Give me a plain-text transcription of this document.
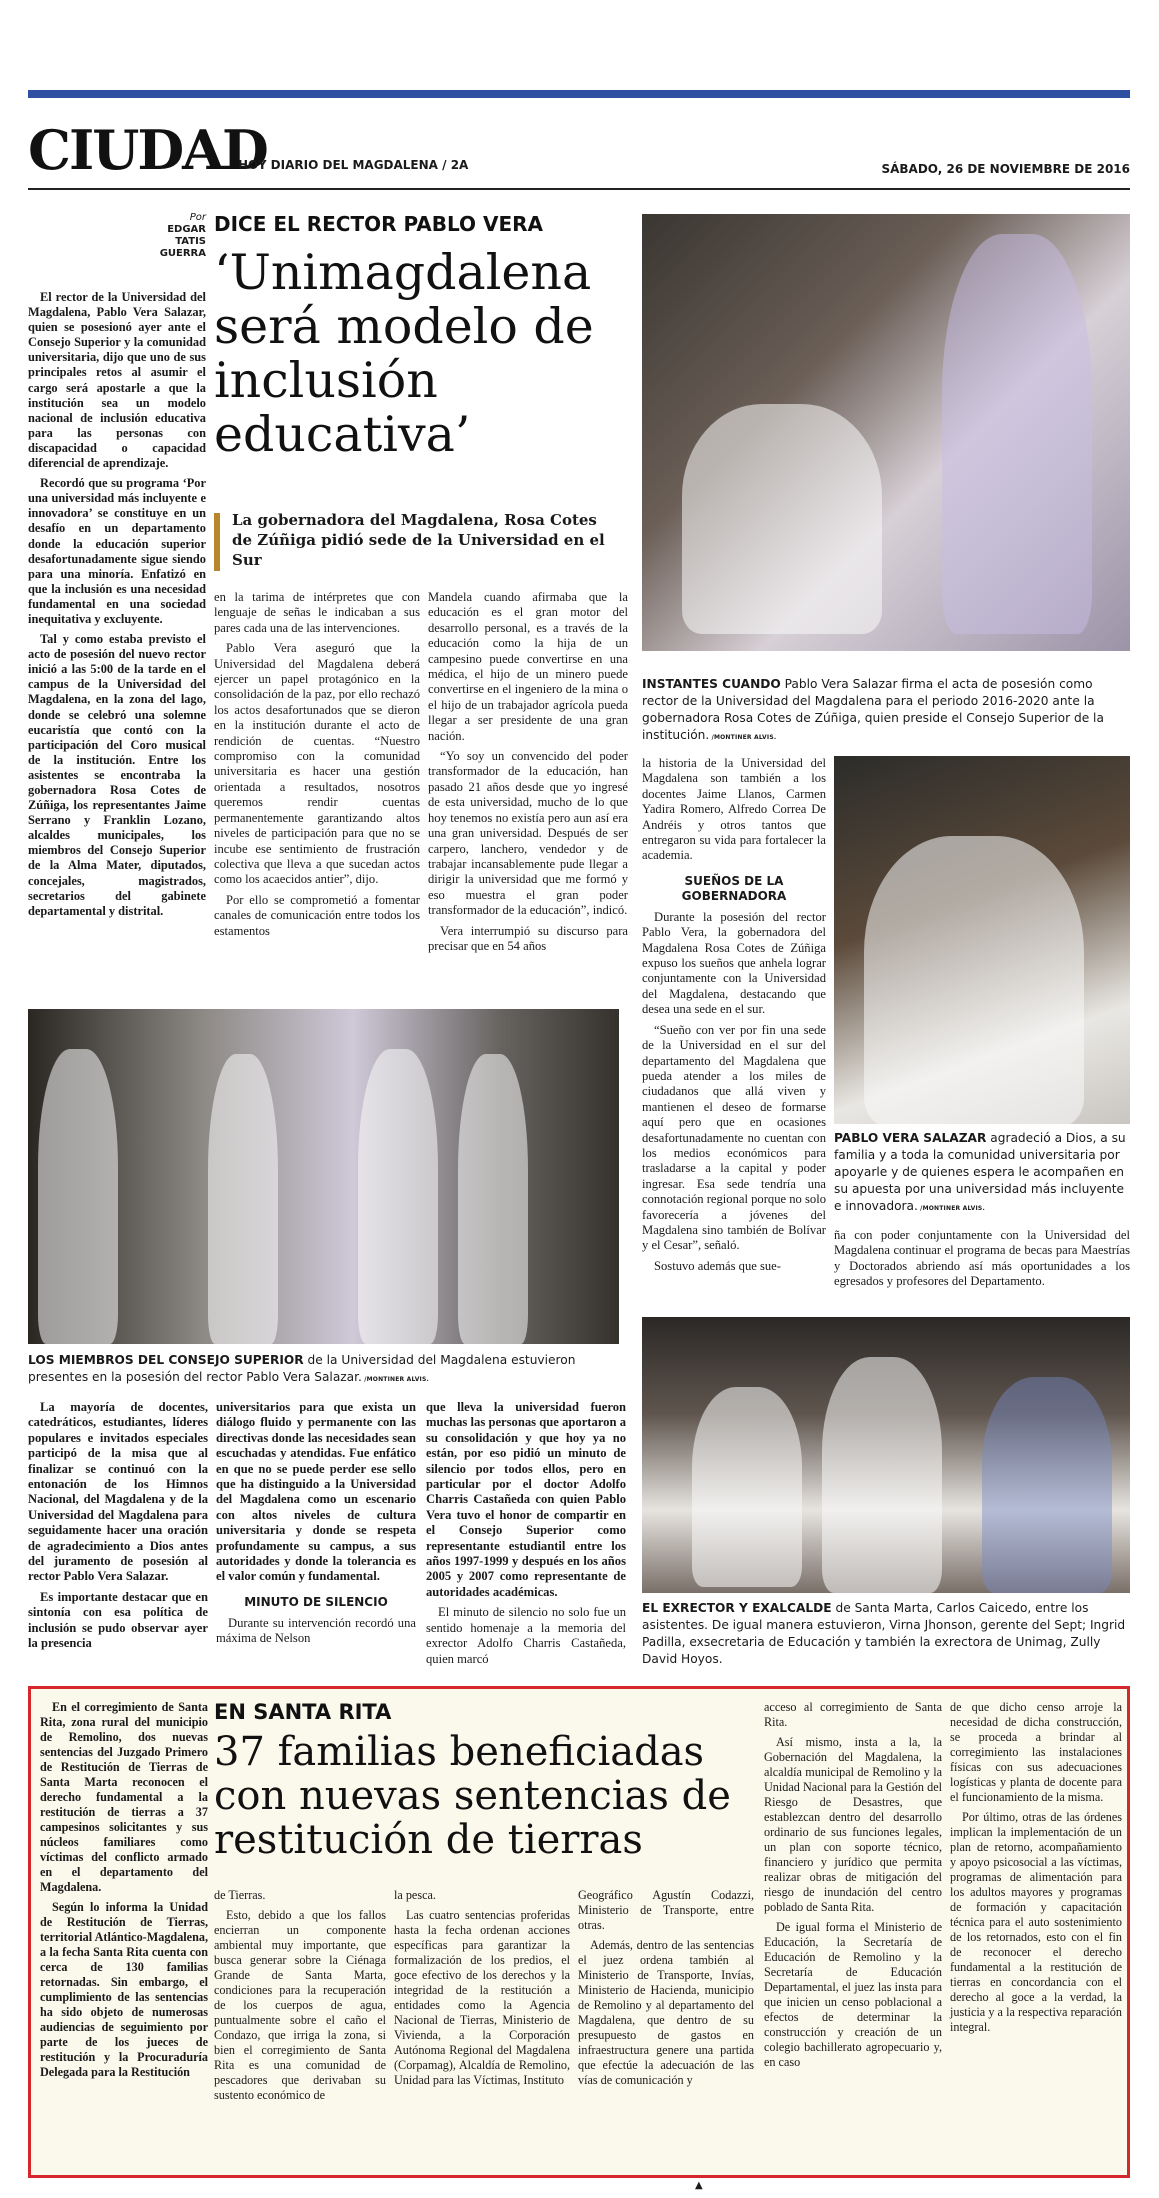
CIUDAD
HOY DIARIO DEL MAGDALENA / 2A	SÁBADO, 26 DE NOVIEMBRE DE 2016
Por
EDGAR
TATIS
GUERRA
DICE EL RECTOR PABLO VERA
‘Unimagdalena será modelo de inclusión educativa’
La gobernadora del Magdalena, Rosa Cotes de Zúñiga pidió sede de la Universidad en el Sur

El rector de la Universidad del Magdalena, Pablo Vera Salazar, quien se posesionó ayer ante el Consejo Superior y la comunidad universitaria, dijo que uno de sus principales retos al asumir el cargo será apostarle a que la institución sea un modelo nacional de inclusión educativa para las personas con discapacidad o capacidad diferencial de aprendizaje.

Recordó que su programa ‘Por una universidad más incluyente e innovadora’ se constituye en un desafío en un departamento donde la educación superior desafortunadamente sigue siendo para una minoría. Enfatizó en que la inclusión es una necesidad fundamental en una sociedad inequitativa y excluyente.

Tal y como estaba previsto el acto de posesión del nuevo rector inició a las 5:00 de la tarde en el campus de la Universidad del Magdalena, en la zona del lago, donde se celebró una solemne eucaristía que contó con la participación del Coro musical de la institución. Entre los asistentes se encontraba la gobernadora Rosa Cotes de Zúñiga, los representantes Jaime Serrano y Franklin Lozano, alcaldes municipales, los miembros del Consejo Superior de la Alma Mater, diputados, concejales, magistrados, secretarios del gabinete departamental y distrital.

en la tarima de intérpretes que con lenguaje de señas le indicaban a sus pares cada una de las intervenciones.

Pablo Vera aseguró que la Universidad del Magdalena deberá ejercer un papel protagónico en la consolidación de la paz, por ello rechazó los actos desafortunados que se dieron en la institución durante el acto de rendición de cuentas. “Nuestro compromiso con la comunidad universitaria es hacer una gestión orientada a resultados, nosotros queremos rendir cuentas permanentemente garantizando altos niveles de participación para que no se incube ese sentimiento de frustración colectiva que lleva a que sucedan actos como los acaecidos antier”, dijo.

Por ello se comprometió a fomentar canales de comunicación entre todos los estamentos

Mandela cuando afirmaba que la educación es el gran motor del desarrollo personal, es a través de la educación como la hija de un campesino puede convertirse en una médica, el hijo de un minero puede convertirse en el ingeniero de la mina o el hijo de un trabajador agrícola pueda llegar a ser presidente de una gran nación.

“Yo soy un convencido del poder transformador de la educación, han pasado 21 años desde que yo ingresé de esta universidad, mucho de lo que hoy tenemos no existía pero aun así era una gran universidad. Después de ser carpero, lanchero, vendedor y de trabajar incansablemente pude llegar a dirigir la universidad que me formó y eso muestra el gran poder transformador de la educación”, indicó.

Vera interrumpió su discurso para precisar que en 54 años

INSTANTES CUANDO Pablo Vera Salazar firma el acta de posesión como rector de la Universidad del Magdalena para el periodo 2016-2020 ante la gobernadora Rosa Cotes de Zúñiga, quien preside el Consejo Superior de la institución. /MONTINER ALVIS.

la historia de la Universidad del Magdalena son también a los docentes Jaime Llanos, Carmen Yadira Romero, Alfredo Correa De Andréis y otros tantos que entregaron su vida para fortalecer la academia.

SUEÑOS DE LA GOBERNADORA

Durante la posesión del rector Pablo Vera, la gobernadora del Magdalena Rosa Cotes de Zúñiga expuso los sueños que anhela lograr conjuntamente con la Universidad del Magdalena, destacando que desea una sede en el sur.

“Sueño con ver por fin una sede de la Universidad en el sur del departamento del Magdalena que pueda atender a los miles de ciudadanos que allá viven y mantienen el deseo de formarse aquí pero que en ocasiones desafortunadamente no cuentan con los medios económicos para trasladarse a la capital y poder ingresar. Esa sede tendría una connotación regional porque no solo favorecería a jóvenes del Magdalena sino también de Bolívar y el Cesar”, señaló.

Sostuvo además que sue-

PABLO VERA SALAZAR agradeció a Dios, a su familia y a toda la comunidad universitaria por apoyarle y de quienes espera le acompañen en su apuesta por una universidad más incluyente e innovadora. /MONTINER ALVIS.

ña con poder conjuntamente con la Universidad del Magdalena continuar el programa de becas para Maestrías y Doctorados abriendo así más oportunidades a los egresados y profesores del Departamento.

LOS MIEMBROS DEL CONSEJO SUPERIOR de la Universidad del Magdalena estuvieron presentes en la posesión del rector Pablo Vera Salazar. /MONTINER ALVIS.

La mayoría de docentes, catedráticos, estudiantes, líderes populares e invitados especiales participó de la misa que al finalizar se continuó con la entonación de los Himnos Nacional, del Magdalena y de la Universidad del Magdalena para seguidamente hacer una oración de agradecimiento a Dios antes del juramento de posesión al rector Pablo Vera Salazar.

Es importante destacar que en sintonía con esa política de inclusión se pudo observar ayer la presencia

universitarios para que exista un diálogo fluido y permanente con las directivas donde las necesidades sean escuchadas y atendidas. Fue enfático en que no se puede perder ese sello que ha distinguido a la Universidad del Magdalena como un escenario con altos niveles de cultura universitaria y donde se respeta profundamente su campus, a sus autoridades y donde la tolerancia es el valor común y fundamental.

MINUTO DE SILENCIO

Durante su intervención recordó una máxima de Nelson

que lleva la universidad fueron muchas las personas que aportaron a su consolidación y que hoy ya no están, por eso pidió un minuto de silencio por todos ellos, pero en particular por el doctor Adolfo Charris Castañeda con quien Pablo Vera tuvo el honor de compartir en el Consejo Superior como representante estudiantil entre los años 1997-1999 y después en los años 2005 y 2007 como representante de autoridades académicas.

El minuto de silencio no solo fue un sentido homenaje a la memoria del exrector Adolfo Charris Castañeda, quien marcó

EL EXRECTOR Y EXALCALDE de Santa Marta, Carlos Caicedo, entre los asistentes. De igual manera estuvieron, Virna Jhonson, gerente del Sept; Ingrid Padilla, exsecretaria de Educación y también la exrectora de Unimag, Zully David Hoyos.
EN SANTA RITA
37 familias beneficiadas con nuevas sentencias de restitución de tierras

En el corregimiento de Santa Rita, zona rural del municipio de Remolino, dos nuevas sentencias del Juzgado Primero de Restitución de Tierras de Santa Marta reconocen el derecho fundamental a la restitución de tierras a 37 campesinos solicitantes y sus núcleos familiares como víctimas del conflicto armado en el departamento del Magdalena.

Según lo informa la Unidad de Restitución de Tierras, territorial Atlántico-Magdalena, a la fecha Santa Rita cuenta con cerca de 130 familias retornadas. Sin embargo, el cumplimiento de las sentencias ha sido objeto de numerosas audiencias de seguimiento por parte de los jueces de restitución y la Procuraduría Delegada para la Restitución

de Tierras.

Esto, debido a que los fallos encierran un componente ambiental muy importante, que busca generar sobre la Ciénaga Grande de Santa Marta, condiciones para la recuperación de los cuerpos de agua, puntualmente sobre el caño el Condazo, que irriga la zona, si bien el corregimiento de Santa Rita es una comunidad de pescadores que derivaban su sustento económico de

la pesca.

Las cuatro sentencias proferidas hasta la fecha ordenan acciones específicas para garantizar la formalización de los predios, el goce efectivo de los derechos y la integridad de la restitución a entidades como la Agencia Nacional de Tierras, Ministerio de Vivienda, a la Corporación Autónoma Regional del Magdalena (Corpamag), Alcaldía de Remolino, Unidad para las Víctimas, Instituto

Geográfico Agustín Codazzi, Ministerio de Transporte, entre otras.

Además, dentro de las sentencias el juez ordena también al Ministerio de Transporte, Invías, Ministerio de Hacienda, municipio de Remolino y al departamento del Magdalena, que dentro de su presupuesto de gastos en infraestructura genere una partida que efectúe la adecuación de las vías de comunicación y

acceso al corregimiento de Santa Rita.

Así mismo, insta a la, la Gobernación del Magdalena, la alcaldía municipal de Remolino y la Unidad Nacional para la Gestión del Riesgo de Desastres, que establezcan dentro del desarrollo ordinario de sus funciones legales, un plan con soporte técnico, financiero y jurídico que permita realizar obras de mitigación del riesgo de inundación del centro poblado de Santa Rita.

De igual forma el Ministerio de Educación, la Secretaría de Educación de Remolino y la Secretaría de Educación Departamental, el juez las insta para que inicien un censo poblacional a efectos de determinar la construcción y creación de un colegio bachillerato agropecuario y, en caso

de que dicho censo arroje la necesidad de dicha construcción, se proceda a brindar al corregimiento las instalaciones físicas con sus adecuaciones logísticas y planta de docente para el funcionamiento de la misma.

Por último, otras de las órdenes implican la implementación de un plan de retorno, acompañamiento y apoyo psicosocial a las víctimas, programas de alimentación para los adultos mayores y programas de formación y capacitación técnica para el auto sostenimiento de los retornados, esto con el fin de reconocer el derecho fundamental a la restitución de tierras en concordancia con el derecho al goce a la verdad, la justicia y a la respectiva reparación integral.

▲
